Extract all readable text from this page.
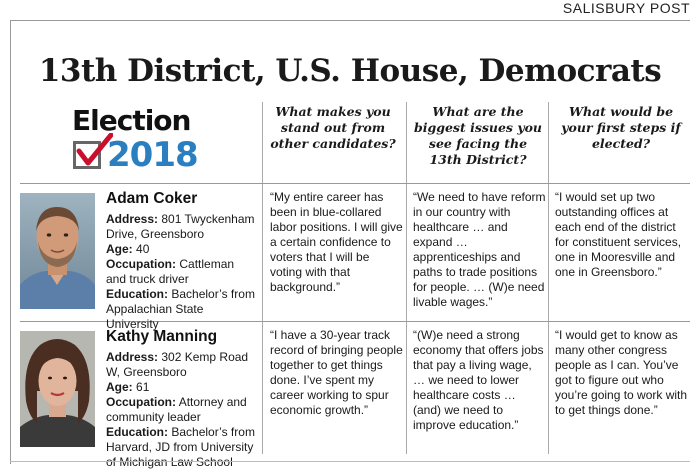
SALISBURY POST
13th District, U.S. House, Democrats
Election
2018
What makes you stand out from other candidates?
What are the biggest issues you see facing the 13th District?
What would be your first steps if elected?
Adam Coker
Address: 801 Twyckenham Drive, Greensboro
Age: 40
Occupation: Cattleman and truck driver
Education: Bachelor’s from Appalachian State University
“My entire career has been in blue-collared labor positions. I will give a certain confidence to voters that I will be voting with that background.”
“We need to have reform in our country with healthcare … and expand … apprenticeships and paths to trade positions for people. … (W)e need livable wages.”
“I would set up two outstanding offices at each end of the district for constituent services, one in Mooresville and one in Greensboro.”
Kathy Manning
Address: 302 Kemp Road W, Greensboro
Age: 61
Occupation: Attorney and community leader
Education: Bachelor’s from Harvard, JD from University of Michigan Law School
“I have a 30-year track record of bringing people together to get things done. I’ve spent my career working to spur economic growth.”
“(W)e need a strong economy that offers jobs that pay a living wage, … we need to lower healthcare costs … (and) we need to improve education.”
“I would get to know as many other congress people as I can. You’ve got to figure out who you’re going to work with to get things done.”
